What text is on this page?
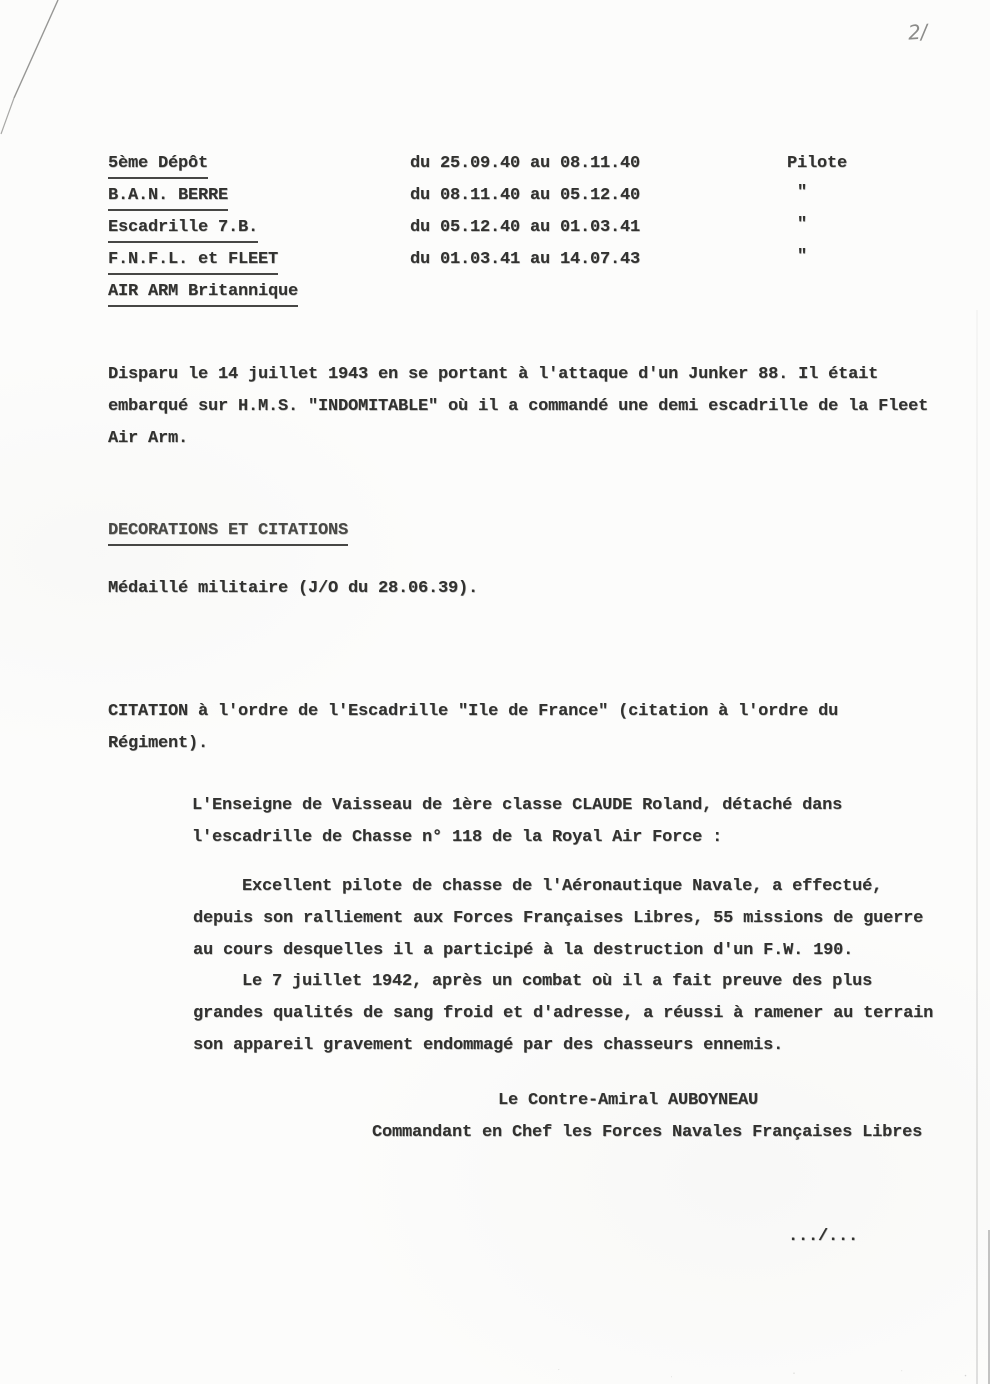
2/
5ème Dépôt	du 25.09.40 au 08.11.40	Pilote
B.A.N. BERRE	du 08.11.40 au 05.12.40	"
Escadrille 7.B.	du 05.12.40 au 01.03.41	"
F.N.F.L. et FLEET	du 01.03.41 au 14.07.43	"
AIR ARM Britannique
Disparu le 14 juillet 1943 en se portant à l'attaque d'un Junker 88. Il était
embarqué sur H.M.S. "INDOMITABLE" où il a commandé une demi escadrille de la Fleet
Air Arm.
DECORATIONS ET CITATIONS
Médaillé militaire (J/O du 28.06.39).
CITATION à l'ordre de l'Escadrille "Ile de France" (citation à l'ordre du
Régiment).
L'Enseigne de Vaisseau de 1ère classe CLAUDE Roland, détaché dans
l'escadrille de Chasse n° 118 de la Royal Air Force :
Excellent pilote de chasse de l'Aéronautique Navale, a effectué,
depuis son ralliement aux Forces Françaises Libres, 55 missions de guerre
au cours desquelles il a participé à la destruction d'un F.W. 190.
Le 7 juillet 1942, après un combat où il a fait preuve des plus
grandes qualités de sang froid et d'adresse, a réussi à ramener au terrain
son appareil gravement endommagé par des chasseurs ennemis.
Le Contre-Amiral AUBOYNEAU
Commandant en Chef les Forces Navales Françaises Libres
.../...
